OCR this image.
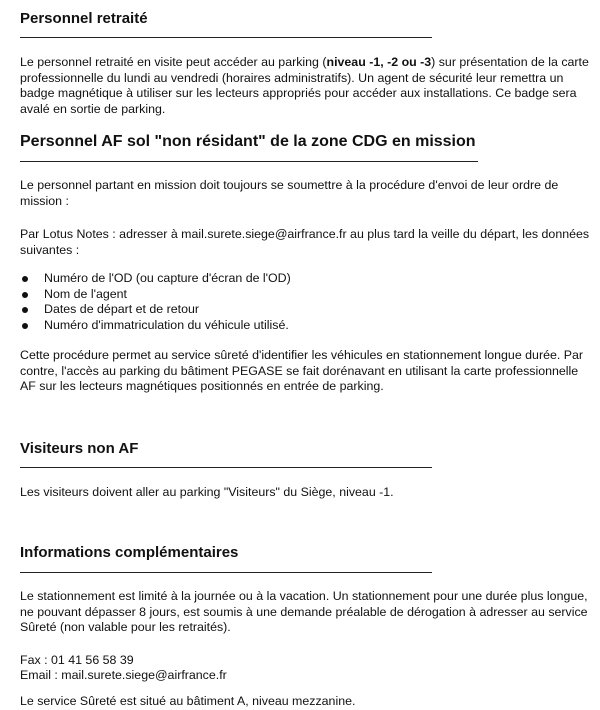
Personnel retraité

Le personnel retraité en visite peut accéder au parking (niveau -1, -2 ou -3) sur présentation de la carte professionnelle du lundi au vendredi (horaires administratifs). Un agent de sécurité leur remettra un badge magnétique à utiliser sur les lecteurs appropriés pour accéder aux installations. Ce badge sera avalé en sortie de parking.

Personnel AF sol "non résidant" de la zone CDG en mission

Le personnel partant en mission doit toujours se soumettre à la procédure d'envoi de leur ordre de mission :

Par Lotus Notes : adresser à mail.surete.siege@airfrance.fr au plus tard la veille du départ, les données suivantes :

Numéro de l'OD (ou capture d'écran de l'OD)
Nom de l'agent
Dates de départ et de retour
Numéro d'immatriculation du véhicule utilisé.

Cette procédure permet au service sûreté d'identifier les véhicules en stationnement longue durée. Par contre, l'accès au parking du bâtiment PEGASE se fait dorénavant en utilisant la carte professionnelle AF sur les lecteurs magnétiques positionnés en entrée de parking.

Visiteurs non AF

Les visiteurs doivent aller au parking "Visiteurs" du Siège, niveau -1.

Informations complémentaires

Le stationnement est limité à la journée ou à la vacation. Un stationnement pour une durée plus longue, ne pouvant dépasser 8 jours, est soumis à une demande préalable de dérogation à adresser au service Sûreté (non valable pour les retraités).

Fax : 01 41 56 58 39

Email : mail.surete.siege@airfrance.fr

Le service Sûreté est situé au bâtiment A, niveau mezzanine.
